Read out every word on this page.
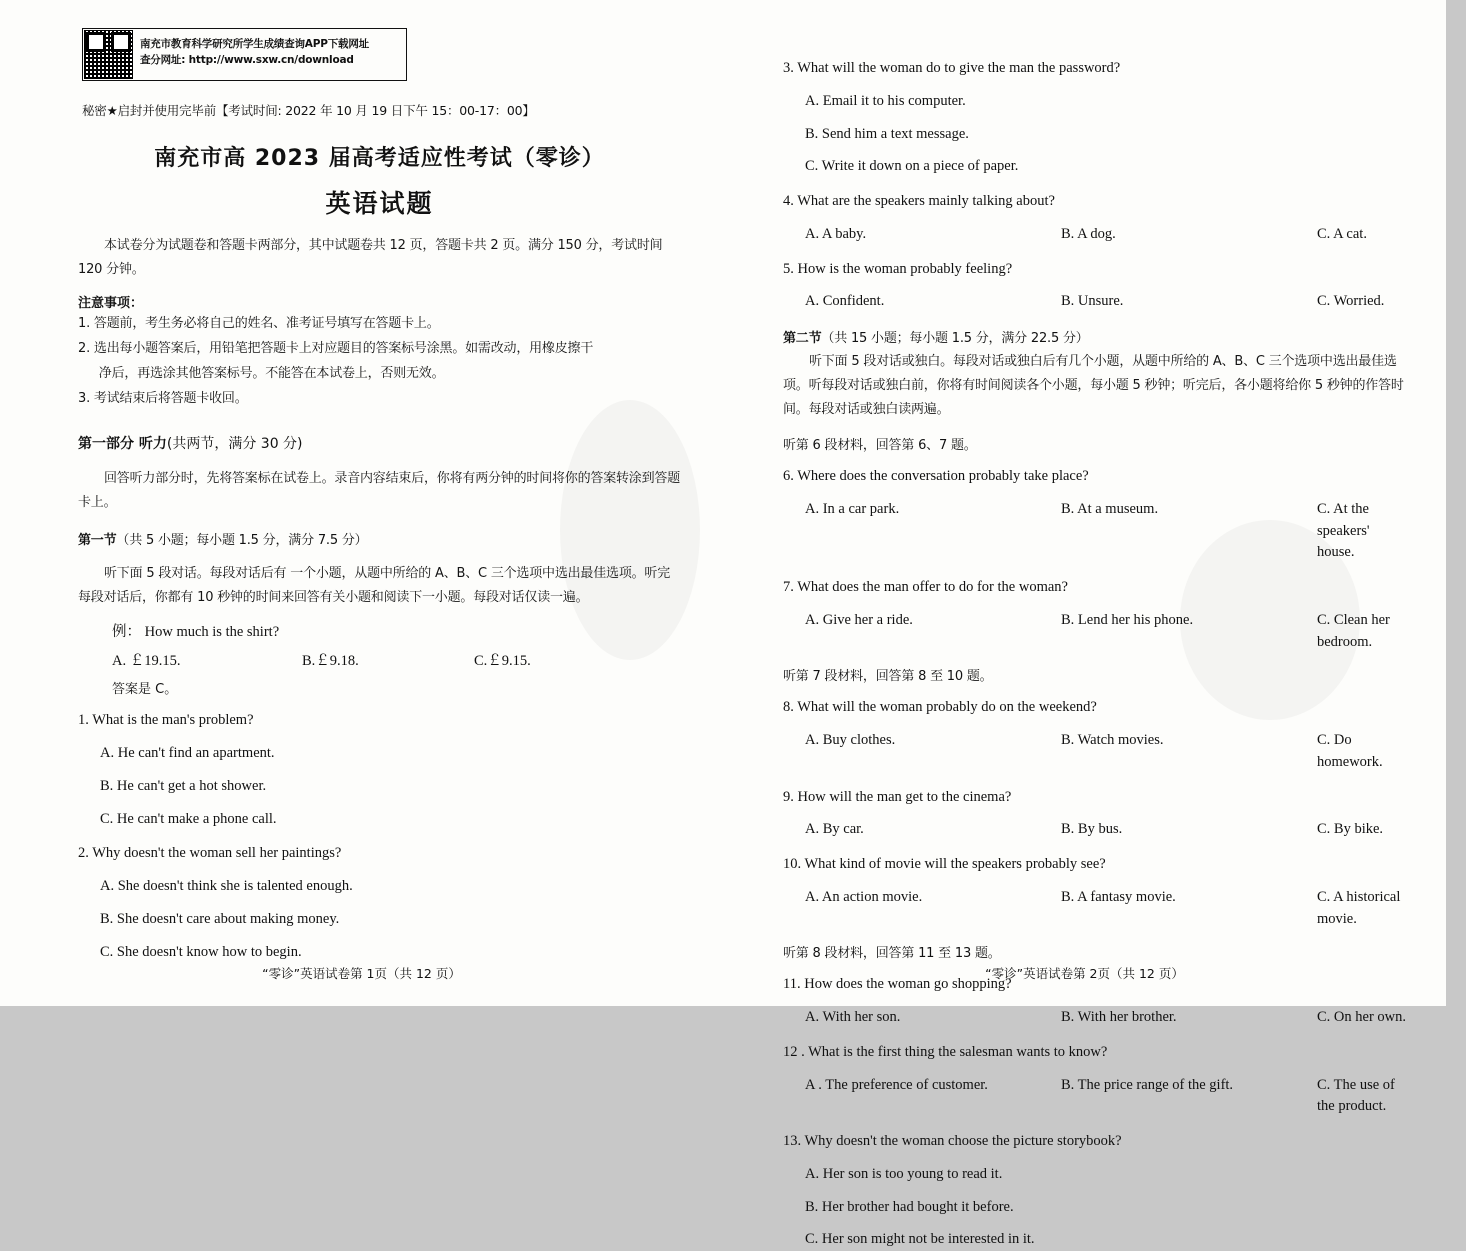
南充市教育科学研究所学生成绩查询APP下载网址
查分网址: http://www.sxw.cn/download
秘密★启封并使用完毕前【考试时间: 2022 年 10 月 19 日下午 15：00-17：00】
南充市高 2023 届高考适应性考试（零诊）
英语试题
本试卷分为试题卷和答题卡两部分，其中试题卷共 12 页，答题卡共 2 页。满分 150 分，考试时间 120 分钟。
注意事项：
1. 答题前，考生务必将自己的姓名、准考证号填写在答题卡上。
2. 选出每小题答案后，用铅笔把答题卡上对应题目的答案标号涂黑。如需改动，用橡皮擦干
净后，再选涂其他答案标号。不能答在本试卷上，否则无效。
3. 考试结束后将答题卡收回。
第一部分 听力(共两节，满分 30 分)
回答听力部分时，先将答案标在试卷上。录音内容结束后，你将有两分钟的时间将你的答案转涂到答题卡上。
第一节（共 5 小题；每小题 1.5 分，满分 7.5 分）
听下面 5 段对话。每段对话后有 一个小题，从题中所给的 A、B、C 三个选项中选出最佳选项。听完每段对话后，你都有 10 秒钟的时间来回答有关小题和阅读下一小题。每段对话仅读一遍。
例： How much is the shirt?
A. ￡19.15.	B.￡9.18.	C.￡9.15.
答案是 C。
1. What is the man's problem?
A. He can't find an apartment.
B. He can't get a hot shower.
C. He can't make a phone call.
2. Why doesn't the woman sell her paintings?
A. She doesn't think she is talented enough.
B. She doesn't care about making money.
C. She doesn't know how to begin.
“零诊”英语试卷第 1页（共 12 页）
3. What will the woman do to give the man the password?
A. Email it to his computer.
B. Send him a text message.
C. Write it down on a piece of paper.
4. What are the speakers mainly talking about?
A. A baby.	B. A dog.	C. A cat.
5. How is the woman probably feeling?
A. Confident.	B. Unsure.	C. Worried.
第二节（共 15 小题；每小题 1.5 分，满分 22.5 分）
听下面 5 段对话或独白。每段对话或独白后有几个小题，从题中所给的 A、B、C 三个选项中选出最佳选项。听每段对话或独白前，你将有时间阅读各个小题，每小题 5 秒钟；听完后，各小题将给你 5 秒钟的作答时间。每段对话或独白读两遍。
听第 6 段材料，回答第 6、7 题。
6. Where does the conversation probably take place?
A. In a car park.	B. At a museum.	C. At the speakers' house.
7. What does the man offer to do for the woman?
A. Give her a ride.	B. Lend her his phone.	C. Clean her bedroom.
听第 7 段材料，回答第 8 至 10 题。
8. What will the woman probably do on the weekend?
A. Buy clothes.	B. Watch movies.	C. Do homework.
9. How will the man get to the cinema?
A. By car.	B. By bus.	C. By bike.
10. What kind of movie will the speakers probably see?
A. An action movie.	B. A fantasy movie.	C. A historical movie.
听第 8 段材料，回答第 11 至 13 题。
11. How does the woman go shopping?
A. With her son.	B. With her brother.	C. On her own.
12 . What is the first thing the salesman wants to know?
A . The preference of customer.	B. The price range of the gift.	C. The use of the product.
13. Why doesn't the woman choose the picture storybook?
A. Her son is too young to read it.
B. Her brother had bought it before.
C. Her son might not be interested in it.
“零诊”英语试卷第 2页（共 12 页）
